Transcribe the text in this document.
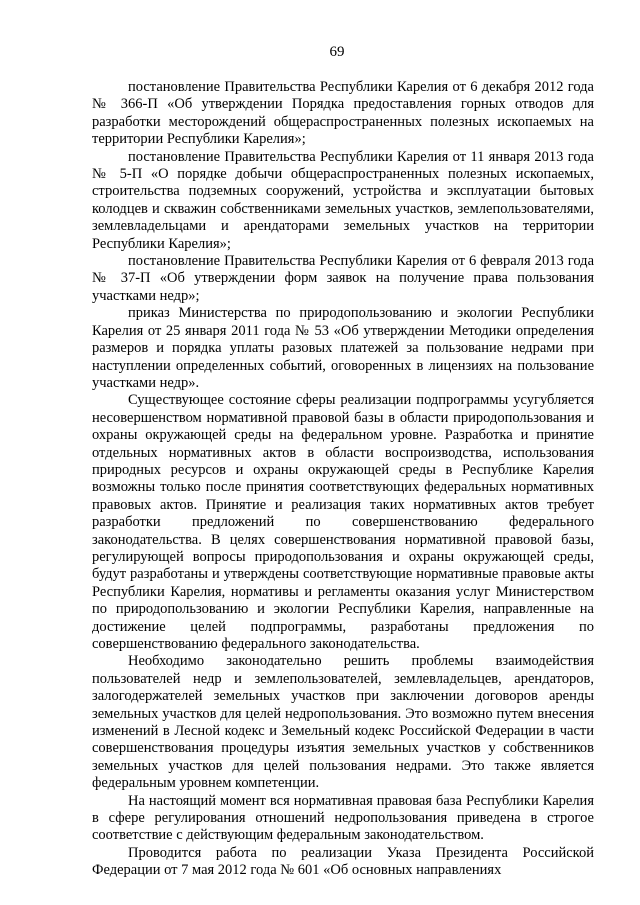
69

постановление Правительства Республики Карелия от 6 декабря 2012 года № 366-П «Об утверждении Порядка предоставления горных отводов для разработки месторождений общераспространенных полезных ископаемых на территории Республики Карелия»;

постановление Правительства Республики Карелия от 11 января 2013 года № 5-П «О порядке добычи общераспространенных полезных ископаемых, строительства подземных сооружений, устройства и эксплуатации бытовых колодцев и скважин собственниками земельных участков, землепользователями, землевладельцами и арендаторами земельных участков на территории Республики Карелия»;

постановление Правительства Республики Карелия от 6 февраля 2013 года № 37-П «Об утверждении форм заявок на получение права пользования участками недр»;

приказ Министерства по природопользованию и экологии Республики Карелия от 25 января 2011 года № 53 «Об утверждении Методики определения размеров и порядка уплаты разовых платежей за пользование недрами при наступлении определенных событий, оговоренных в лицензиях на пользование участками недр».

Существующее состояние сферы реализации подпрограммы усугубляется несовершенством нормативной правовой базы в области природопользования и охраны окружающей среды на федеральном уровне. Разработка и принятие отдельных нормативных актов в области воспроизводства, использования природных ресурсов и охраны окружающей среды в Республике Карелия возможны только после принятия соответствующих федеральных нормативных правовых актов. Принятие и реализация таких нормативных актов требует разработки предложений по совершенствованию федерального законодательства. В целях совершенствования нормативной правовой базы, регулирующей вопросы природопользования и охраны окружающей среды, будут разработаны и утверждены соответствующие нормативные правовые акты Республики Карелия, нормативы и регламенты оказания услуг Министерством по природопользованию и экологии Республики Карелия, направленные на достижение целей подпрограммы, разработаны предложения по совершенствованию федерального законодательства.

Необходимо законодательно решить проблемы взаимодействия пользователей недр и землепользователей, землевладельцев, арендаторов, залогодержателей земельных участков при заключении договоров аренды земельных участков для целей недропользования. Это возможно путем внесения изменений в Лесной кодекс и Земельный кодекс Российской Федерации в части совершенствования процедуры изъятия земельных участков у собственников земельных участков для целей пользования недрами. Это также является федеральным уровнем компетенции.

На настоящий момент вся нормативная правовая база Республики Карелия в сфере регулирования отношений недропользования приведена в строгое соответствие с действующим федеральным законодательством.

Проводится работа по реализации Указа Президента Российской Федерации от 7 мая 2012 года № 601 «Об основных направлениях
